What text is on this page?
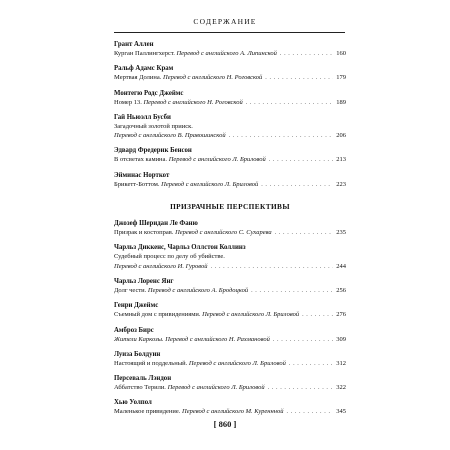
СОДЕРЖАНИЕ
Грант Аллен
Курган Паллингхерст. Перевод с английского А. Липинской . . .	160
Ральф Адамс Крам
Мертвая Долина. Перевод с английского Н. Роговской . . .	179
Монтегю Родс Джеймс
Номер 13. Перевод с английского Н. Роговской . . .	189
Гай Ньюэлл Бусби
Загадочный золотой прииск.
Перевод с английского В. Правошинской . . .	206
Эдвард Фредерик Бенсон
В отсветах камина. Перевод с английского Л. Бриловой . . .	213
Эйминас Норткот
Брикетт-Боттом. Перевод с английского Л. Бриловой . . .	223
ПРИЗРАЧНЫЕ ПЕРСПЕКТИВЫ
Джозеф Шеридан Ле Фаню
Призрак и костоправ. Перевод с английского С. Сухарева . . .	235
Чарльз Диккенс, Чарльз Оллстон Коллинз
Судебный процесс по делу об убийстве.
Перевод с английского И. Гуровой . . .	244
Чарльз Лоренс Янг
Долг чести. Перевод с английского А. Бродоцкой . . .	256
Генри Джеймс
Съемный дом с привидениями. Перевод с английского Л. Бриловой . . .	276
Амброз Бирс
Жители Каркозы. Перевод с английского Н. Рахмановой . . .	309
Луиза Болдуин
Настоящий и поддельный. Перевод с английского Л. Бриловой . . .	312
Персеваль Лэндон
Аббатство Терили. Перевод с английского Л. Бриловой . . .	322
Хью Уолпол
Маленькое привидение. Перевод с английского М. Куреннной . . .	345
[ 860 ]
